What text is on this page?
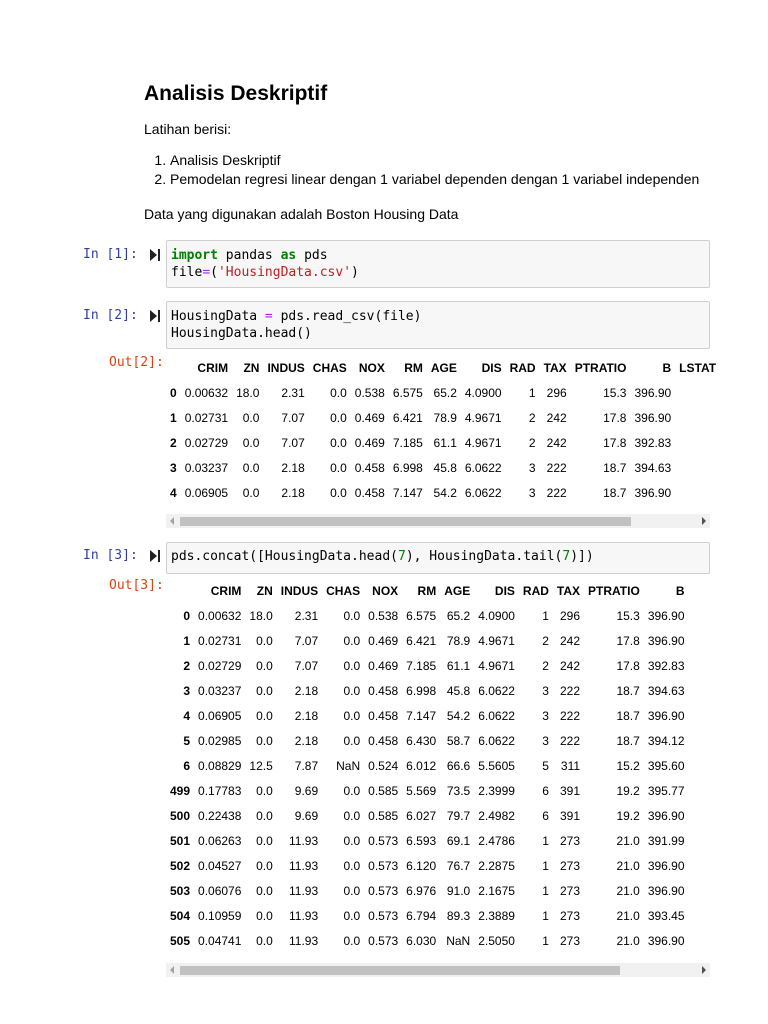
Analisis Deskriptif

Latihan berisi:

1. Analisis Deskriptif
2. Pemodelan regresi linear dengan 1 variabel dependen dengan 1 variabel independen

Data yang digunakan adalah Boston Housing Data

In [1]:	import pandas as pds
file=('HousingData.csv')
In [2]:	HousingData = pds.read_csv(file)
HousingData.head()
Out[2]:
		CRIM	ZN	INDUS	CHAS	NOX	RM	AGE	DIS	RAD	TAX	PTRATIO	B	LSTAT
0	0.00632	18.0	2.31	0.0	0.538	6.575	65.2	4.0900	1	296	15.3	396.90	
1	0.02731	0.0	7.07	0.0	0.469	6.421	78.9	4.9671	2	242	17.8	396.90	
2	0.02729	0.0	7.07	0.0	0.469	7.185	61.1	4.9671	2	242	17.8	392.83	
3	0.03237	0.0	2.18	0.0	0.458	6.998	45.8	6.0622	3	222	18.7	394.63	
4	0.06905	0.0	2.18	0.0	0.458	7.147	54.2	6.0622	3	222	18.7	396.90	
In [3]:	pds.concat([HousingData.head(7), HousingData.tail(7)])
Out[3]:
		CRIM	ZN	INDUS	CHAS	NOX	RM	AGE	DIS	RAD	TAX	PTRATIO	B
0	0.00632	18.0	2.31	0.0	0.538	6.575	65.2	4.0900	1	296	15.3	396.90
1	0.02731	0.0	7.07	0.0	0.469	6.421	78.9	4.9671	2	242	17.8	396.90
2	0.02729	0.0	7.07	0.0	0.469	7.185	61.1	4.9671	2	242	17.8	392.83
3	0.03237	0.0	2.18	0.0	0.458	6.998	45.8	6.0622	3	222	18.7	394.63
4	0.06905	0.0	2.18	0.0	0.458	7.147	54.2	6.0622	3	222	18.7	396.90
5	0.02985	0.0	2.18	0.0	0.458	6.430	58.7	6.0622	3	222	18.7	394.12
6	0.08829	12.5	7.87	NaN	0.524	6.012	66.6	5.5605	5	311	15.2	395.60
499	0.17783	0.0	9.69	0.0	0.585	5.569	73.5	2.3999	6	391	19.2	395.77
500	0.22438	0.0	9.69	0.0	0.585	6.027	79.7	2.4982	6	391	19.2	396.90
501	0.06263	0.0	11.93	0.0	0.573	6.593	69.1	2.4786	1	273	21.0	391.99
502	0.04527	0.0	11.93	0.0	0.573	6.120	76.7	2.2875	1	273	21.0	396.90
503	0.06076	0.0	11.93	0.0	0.573	6.976	91.0	2.1675	1	273	21.0	396.90
504	0.10959	0.0	11.93	0.0	0.573	6.794	89.3	2.3889	1	273	21.0	393.45
505	0.04741	0.0	11.93	0.0	0.573	6.030	NaN	2.5050	1	273	21.0	396.90
